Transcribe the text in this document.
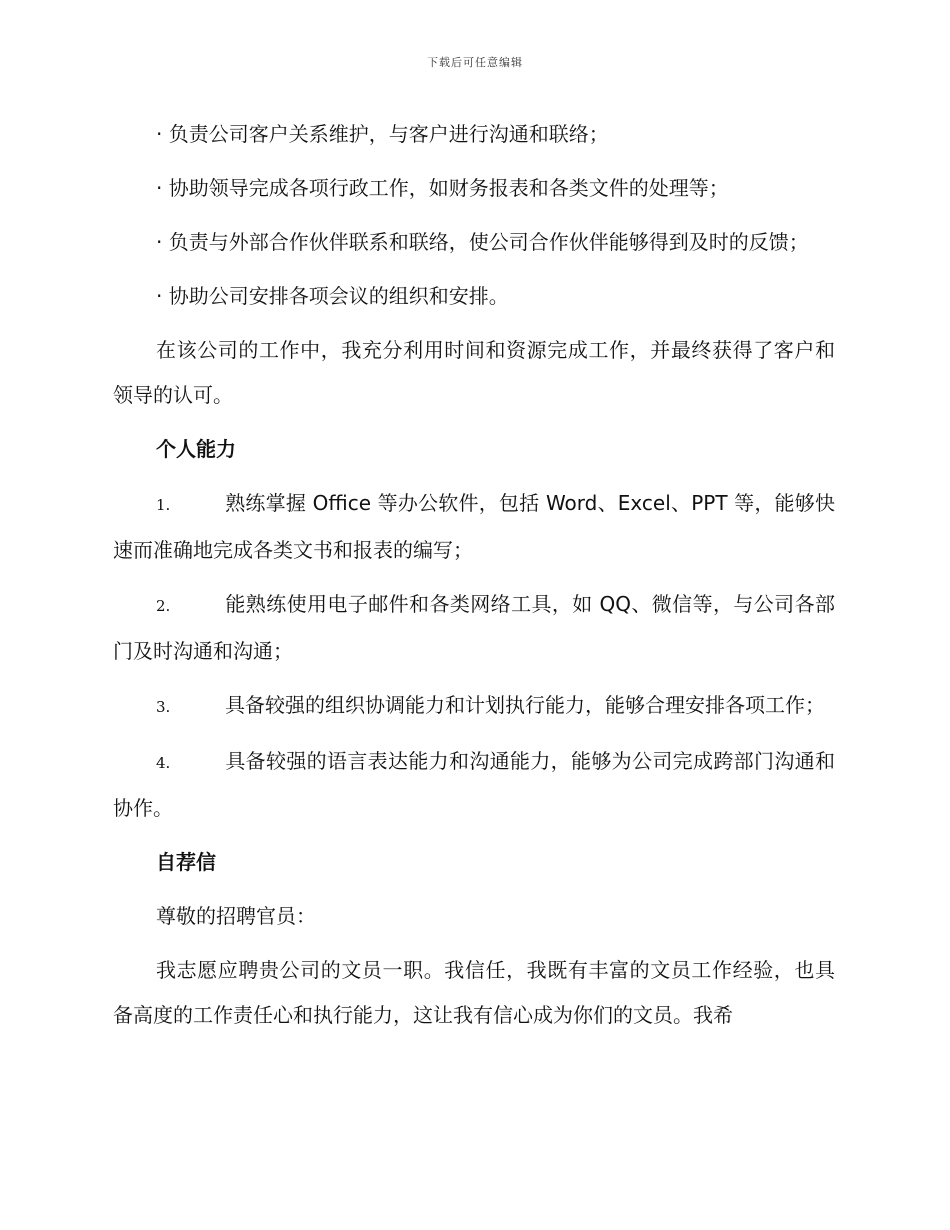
下载后可任意编辑

· 负责公司客户关系维护，与客户进行沟通和联络；

· 协助领导完成各项行政工作，如财务报表和各类文件的处理等；

· 负责与外部合作伙伴联系和联络，使公司合作伙伴能够得到及时的反馈；

· 协助公司安排各项会议的组织和安排。

在该公司的工作中，我充分利用时间和资源完成工作，并最终获得了客户和领导的认可。

个人能力

1.	熟练掌握 Office 等办公软件，包括 Word、Excel、PPT 等，能够快速而准确地完成各类文书和报表的编写；

2.	能熟练使用电子邮件和各类网络工具，如 QQ、微信等，与公司各部门及时沟通和沟通；

3.	具备较强的组织协调能力和计划执行能力，能够合理安排各项工作；

4.	具备较强的语言表达能力和沟通能力，能够为公司完成跨部门沟通和协作。

自荐信

尊敬的招聘官员：

我志愿应聘贵公司的文员一职。我信任，我既有丰富的文员工作经验，也具备高度的工作责任心和执行能力，这让我有信心成为你们的文员。我希
